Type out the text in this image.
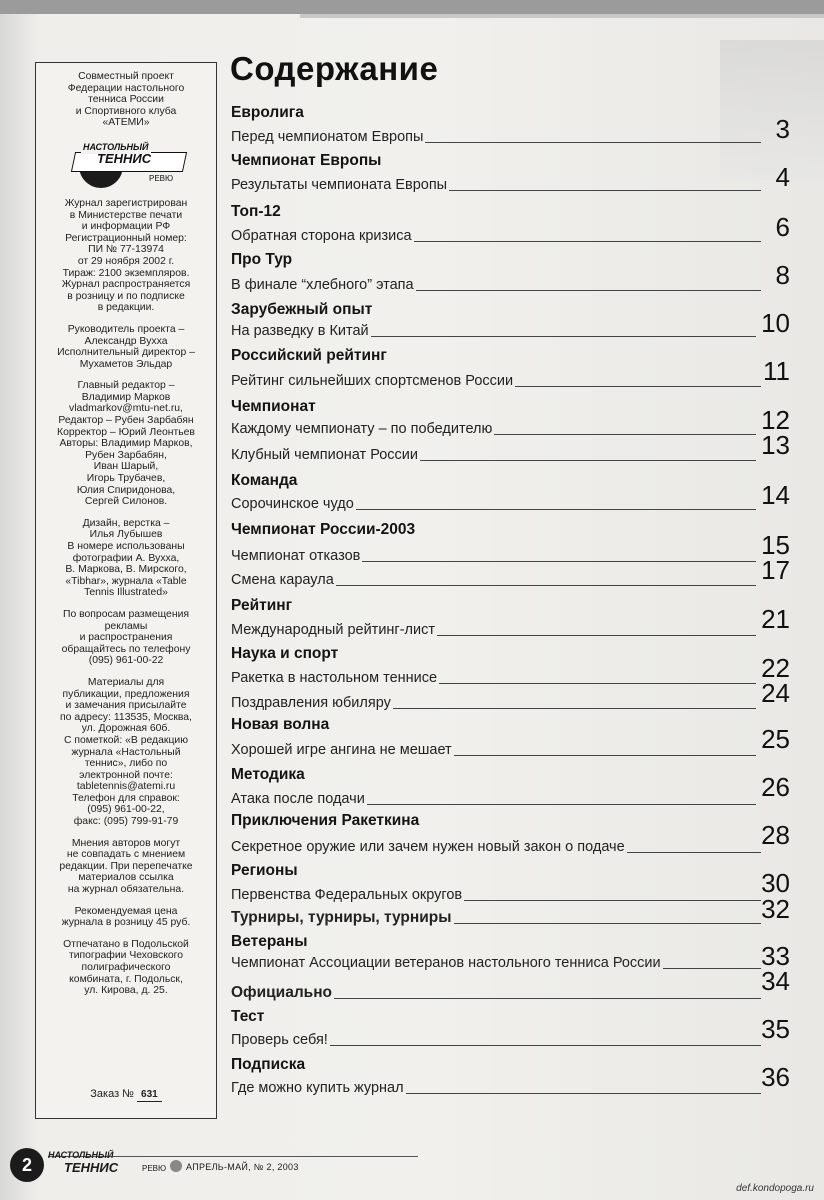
Совместный проект
Федерации настольного
тенниса России
и Спортивного клуба
«АТЕМИ»

НАСТОЛЬНЫЙ
ТЕННИС
РЕВЮ

Журнал зарегистрирован
в Министерстве печати
и информации РФ
Регистрационный номер:
ПИ № 77-13974
от 29 ноября 2002 г.
Тираж: 2100 экземпляров.
Журнал распространяется
в розницу и по подписке
в редакции.

Руководитель проекта –
Александр Вуxха
Исполнительный директор –
Мухаметов Эльдар

Главный редактор –
Владимир Марков
vladmarkov@mtu-net.ru,
Редактор – Рубен Зарбабян
Корректор – Юрий Леонтьев
Авторы: Владимир Марков,
Рубен Зарбабян,
Иван Шарый,
Игорь Трубачев,
Юлия Спиридонова,
Сергей Силонов.

Дизайн, верстка –
Илья Лубышев
В номере использованы
фотографии А. Вуxха,
В. Маркова, В. Мирского,
«Tibhar», журнала «Table
Tennis Illustrated»

По вопросам размещения
рекламы
и распространения
обращайтесь по телефону
(095) 961-00-22

Материалы для
публикации, предложения
и замечания присылайте
по адресу: 113535, Москва,
ул. Дорожная 60б.
С пометкой: «В редакцию
журнала «Настольный
теннис», либо по
электронной почте:
tabletennis@atemi.ru
Телефон для справок:
(095) 961-00-22,
факс: (095) 799-91-79

Мнения авторов могут
не совпадать с мнением
редакции. При перепечатке
материалов ссылка
на журнал обязательна.

Рекомендуемая цена
журнала в розницу 45 руб.

Отпечатано в Подольской
типографии Чеховского
полиграфического
комбината, г. Подольск,
ул. Кирова, д. 25.

Заказ № 631
Содержание
Евролига
Перед чемпионатом Европы	3
Чемпионат Европы
Результаты чемпионата Европы	4
Топ-12
Обратная сторона кризиса	6
Про Тур
В финале “хлебного” этапа	8
Зарубежный опыт
На разведку в Китай	10
Российский рейтинг
Рейтинг сильнейших спортсменов России	11
Чемпионат
Каждому чемпионату – по победителю	12
Клубный чемпионат России	13
Команда
Сорочинское чудо	14
Чемпионат России-2003
Чемпионат отказов	15
Смена караула	17
Рейтинг
Международный рейтинг-лист	21
Наука и спорт
Ракетка в настольном теннисе	22
Поздравления юбиляру	24
Новая волна
Хорошей игре ангина не мешает	25
Методика
Атака после подачи	26
Приключения Ракеткина
Секретное оружие или зачем нужен новый закон о подаче	28
Регионы
Первенства Федеральных округов	30
Турниры, турниры, турниры	32
Ветераны
Чемпионат Ассоциации ветеранов настольного тенниса России	33
Официально	34
Тест
Проверь себя!	35
Подписка
Где можно купить журнал	36
2	НАСТОЛЬНЫЙ
ТЕННИС	РЕВЮ АПРЕЛЬ-МАЙ, № 2, 2003
def.kondopoga.ru
